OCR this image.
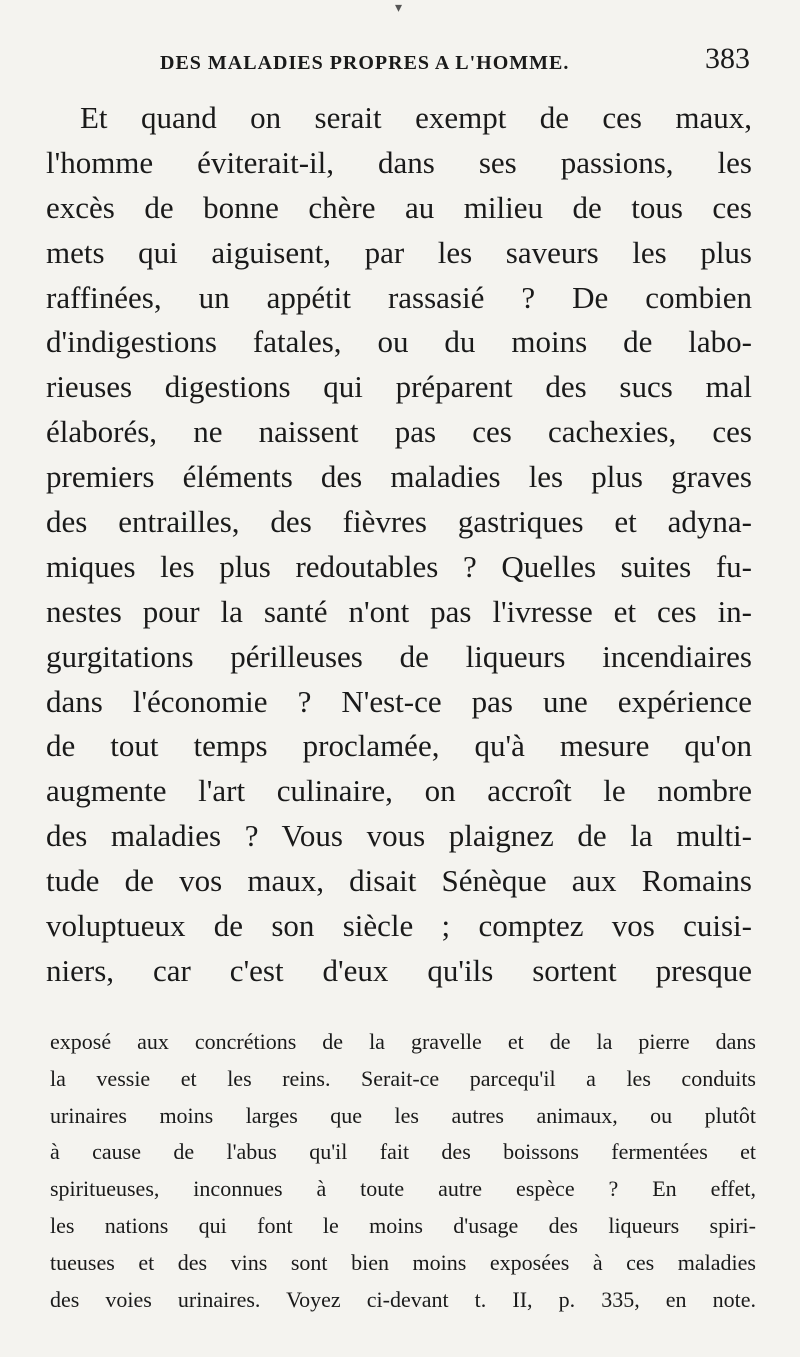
▾
DES MALADIES PROPRES A L'HOMME.	383
Et quand on serait exempt de ces maux,
l'homme éviterait-il, dans ses passions, les
excès de bonne chère au milieu de tous ces
mets qui aiguisent, par les saveurs les plus
raffinées, un appétit rassasié ? De combien
d'indigestions fatales, ou du moins de labo-
rieuses digestions qui préparent des sucs mal
élaborés, ne naissent pas ces cachexies, ces
premiers éléments des maladies les plus graves
des entrailles, des fièvres gastriques et adyna-
miques les plus redoutables ? Quelles suites fu-
nestes pour la santé n'ont pas l'ivresse et ces in-
gurgitations périlleuses de liqueurs incendiaires
dans l'économie ? N'est-ce pas une expérience
de tout temps proclamée, qu'à mesure qu'on
augmente l'art culinaire, on accroît le nombre
des maladies ? Vous vous plaignez de la multi-
tude de vos maux, disait Sénèque aux Romains
voluptueux de son siècle ; comptez vos cuisi-
niers, car c'est d'eux qu'ils sortent presque
exposé aux concrétions de la gravelle et de la pierre dans
la vessie et les reins. Serait-ce parcequ'il a les conduits
urinaires moins larges que les autres animaux, ou plutôt
à cause de l'abus qu'il fait des boissons fermentées et
spiritueuses, inconnues à toute autre espèce ? En effet,
les nations qui font le moins d'usage des liqueurs spiri-
tueuses et des vins sont bien moins exposées à ces maladies
des voies urinaires. Voyez ci-devant t. II, p. 335, en note.
